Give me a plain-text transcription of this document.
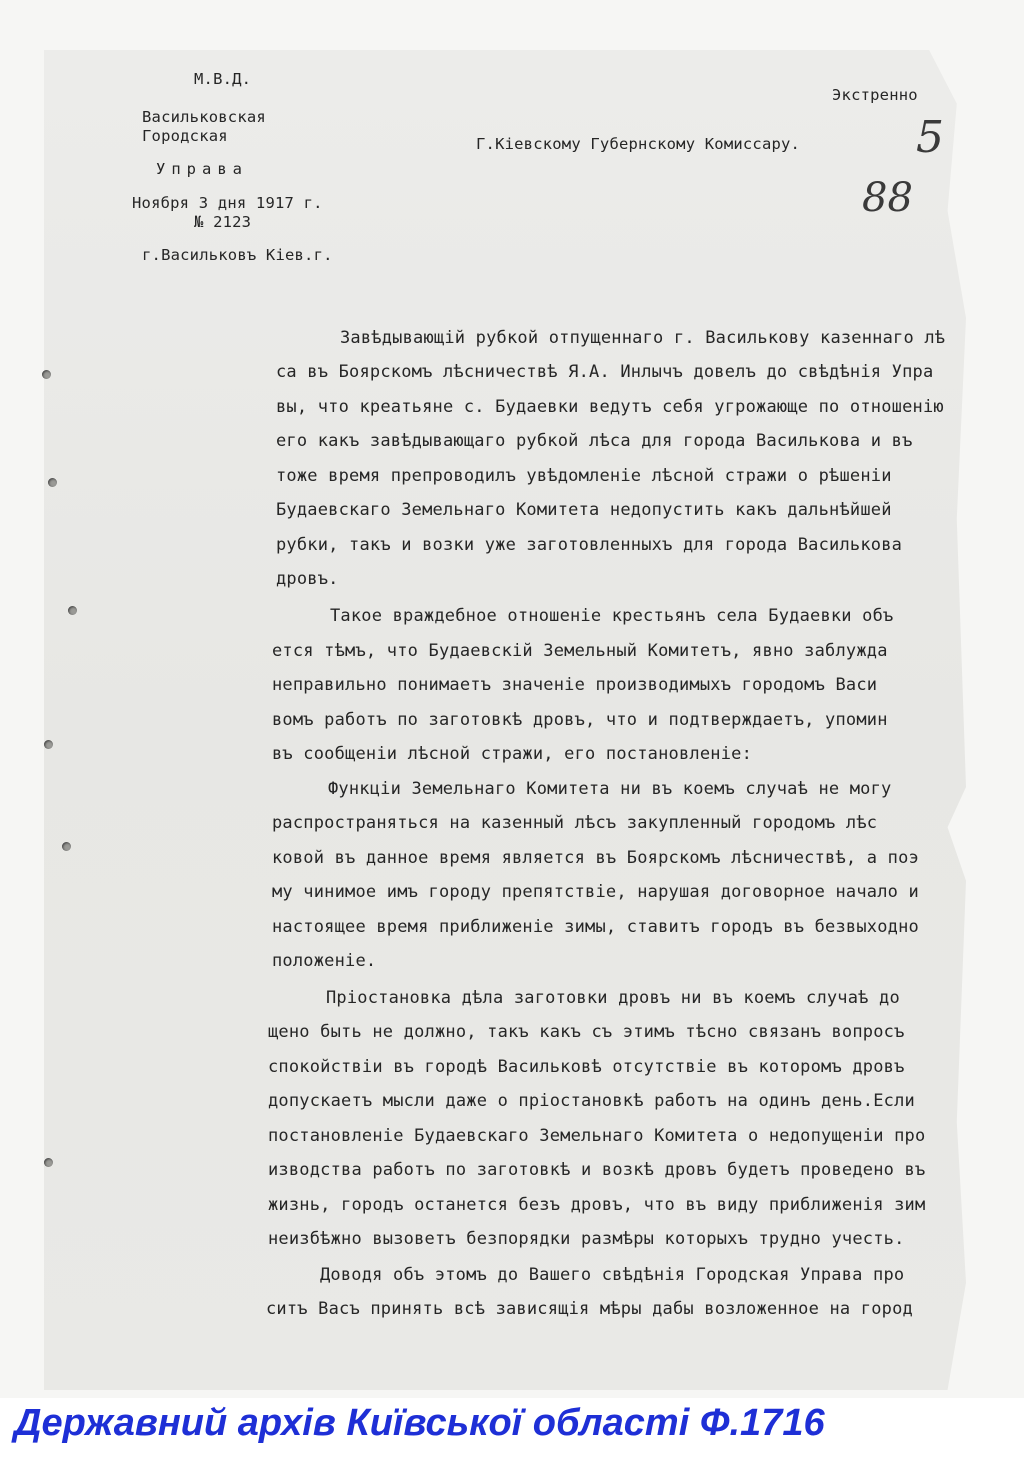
М.В.Д.
Васильковская
Городская
Управа
Ноября 3 дня 1917 г.
№ 2123
г.Васильковъ Кiев.г.
Экстренно
Г.Кiевскому Губернскому Комиссару.	5
88
Завѣдывающiй рубкой отпущеннаго г. Василькову казеннаго лѣ
са въ Боярскомъ лѣсничествѣ Я.А. Инлычъ довелъ до свѣдѣнiя Упра
вы, что креатьяне с. Будаевки ведутъ себя угрожающе по отношенiю
его какъ завѣдывающаго рубкой лѣса для города Василькова и въ
тоже время препроводилъ увѣдомленiе лѣсной стражи о рѣшенiи
Будаевскаго Земельнаго Комитета недопустить какъ дальнѣйшей
рубки, такъ и возки уже заготовленныхъ для города Василькова
дровъ.
Такое враждебное отношенiе крестьянъ села Будаевки объ
ется тѣмъ, что Будаевскiй Земельный Комитетъ, явно заблужда
неправильно понимаетъ значенiе производимыхъ городомъ Васи
вомъ работъ по заготовкѣ дровъ, что и подтверждаетъ, упомин
въ сообщенiи лѣсной стражи, его постановленiе:
Функцiи Земельнаго Комитета ни въ коемъ случаѣ не могу
распространяться на казенный лѣсъ закупленный городомъ лѣс
ковой въ данное время является въ Боярскомъ лѣсничествѣ, а поэ
му чинимое имъ городу препятствiе, нарушая договорное начало и
настоящее время приближенiе зимы, ставитъ городъ въ безвыходно
положенiе.
Прiостановка дѣла заготовки дровъ ни въ коемъ случаѣ до
щено быть не должно, такъ какъ съ этимъ тѣсно связанъ вопросъ
спокойствiи въ городѣ Васильковѣ отсутствiе въ которомъ дровъ
допускаетъ мысли даже о прiостановкѣ работъ на одинъ день.Если
постановленiе Будаевскаго Земельнаго Комитета о недопущенiи про
изводства работъ по заготовкѣ и возкѣ дровъ будетъ проведено въ
жизнь, городъ останется безъ дровъ, что въ виду приближенiя зим
неизбѣжно вызоветъ безпорядки размѣры которыхъ трудно учесть.
Доводя объ этомъ до Вашего свѣдѣнiя Городская Управа про
ситъ Васъ принять всѣ зависящiя мѣры дабы возложенное на город
Державний архів Київської області Ф.1716
